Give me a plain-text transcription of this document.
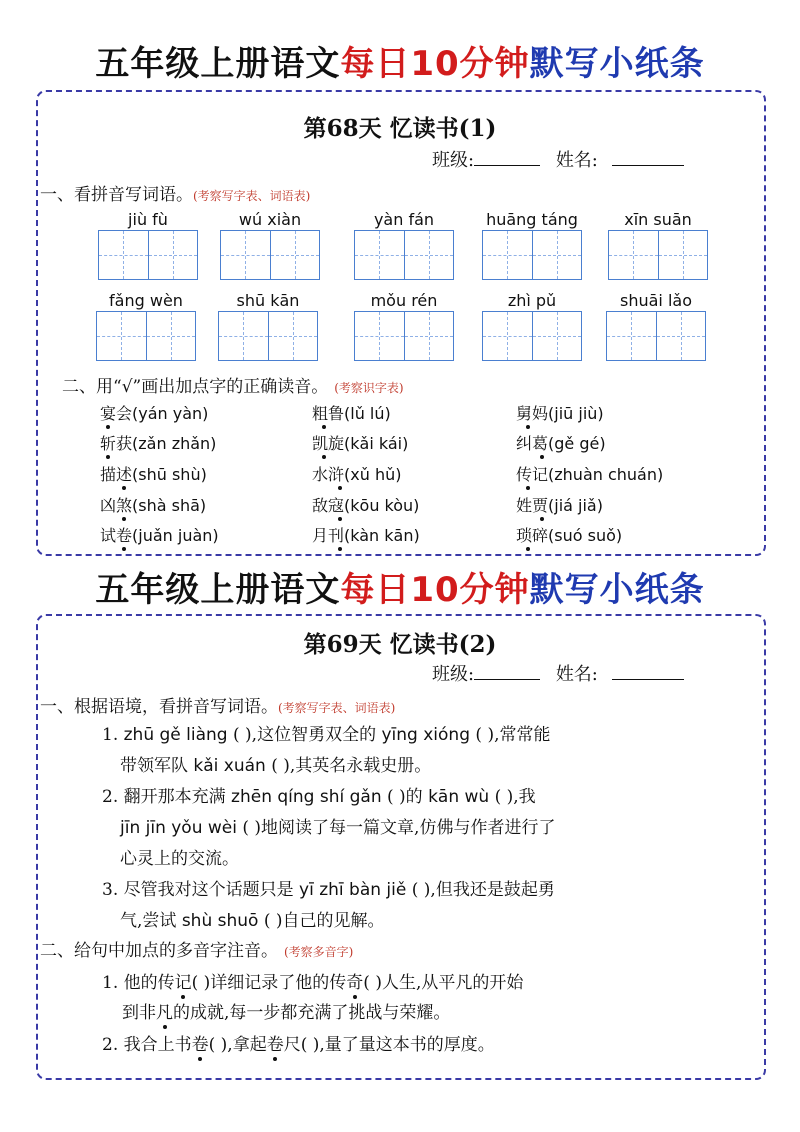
五年级上册语文每日10分钟默写小纸条
第68天 忆读书(1)
班级:	姓名:
一、看拼音写词语。(考察写字表、词语表)
jiù fù	wú xiàn	yàn fán	huāng táng	xīn suān
fǎng wèn	shū kān	mǒu rén	zhì pǔ	shuāi lǎo
二、用“√”画出加点字的正确读音。 (考察识字表)
宴会(yán yàn)	粗鲁(lǔ lú)	舅妈(jiū jiù)
斩获(zǎn zhǎn)	凯旋(kǎi kái)	纠葛(gě gé)
描述(shū shù)	水浒(xǔ hǔ)	传记(zhuàn chuán)
凶煞(shà shā)	敌寇(kōu kòu)	姓贾(jiá jiǎ)
试卷(juǎn juàn)	月刊(kàn kān)	琐碎(suó suǒ)
五年级上册语文每日10分钟默写小纸条
第69天 忆读书(2)
班级:	姓名:
一、根据语境，看拼音写词语。(考察写字表、词语表)
1. zhū gě liàng ( ),这位智勇双全的 yīng xióng ( ),常常能
带领军队 kǎi xuán ( ),其英名永载史册。
2. 翻开那本充满 zhēn qíng shí gǎn ( )的 kān wù ( ),我
jīn jīn yǒu wèi ( )地阅读了每一篇文章,仿佛与作者进行了
心灵上的交流。
3. 尽管我对这个话题只是 yī zhī bàn jiě ( ),但我还是鼓起勇
气,尝试 shù shuō ( )自己的见解。
二、给句中加点的多音字注音。 (考察多音字)
1. 他的传记( )详细记录了他的传奇( )人生,从平凡的开始
到非凡的成就,每一步都充满了挑战与荣耀。
2. 我合上书卷( ),拿起卷尺( ),量了量这本书的厚度。
